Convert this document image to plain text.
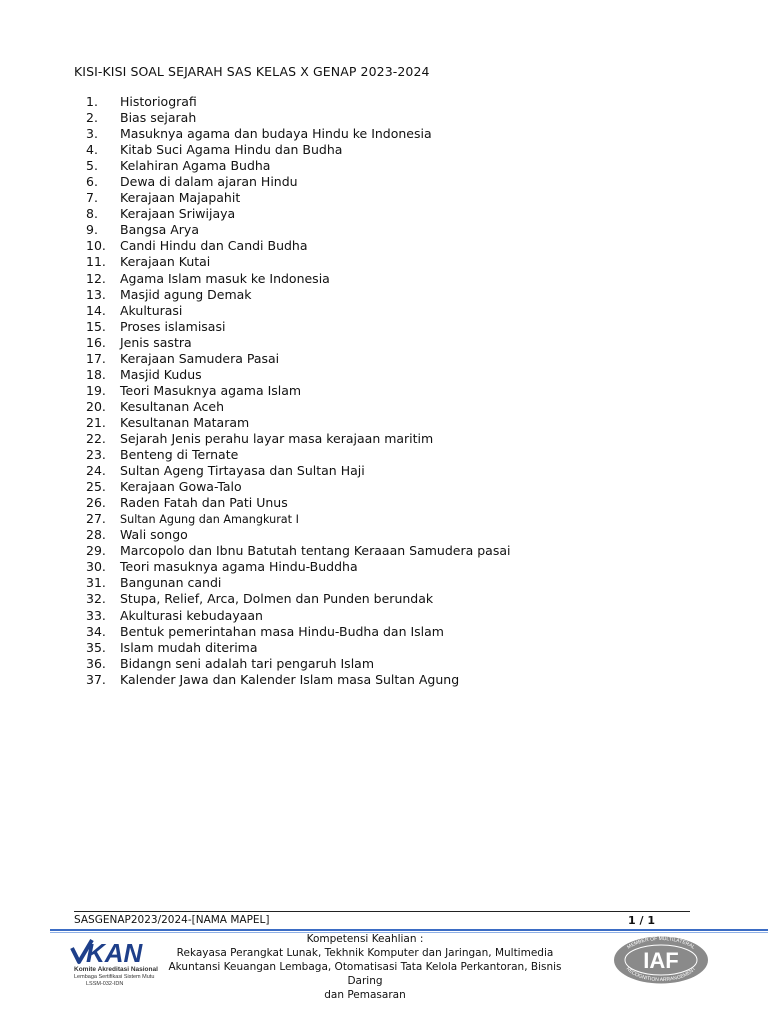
KISI-KISI SOAL SEJARAH SAS KELAS X GENAP 2023-2024
1. Historiografi
2. Bias sejarah
3. Masuknya agama dan budaya Hindu ke Indonesia
4. Kitab Suci Agama Hindu dan Budha
5. Kelahiran Agama Budha
6. Dewa di dalam ajaran Hindu
7. Kerajaan Majapahit
8. Kerajaan Sriwijaya
9. Bangsa Arya
10. Candi Hindu dan Candi Budha
11. Kerajaan Kutai
12. Agama Islam masuk ke Indonesia
13. Masjid agung Demak
14. Akulturasi
15. Proses islamisasi
16. Jenis sastra
17. Kerajaan Samudera Pasai
18. Masjid Kudus
19. Teori Masuknya agama Islam
20. Kesultanan Aceh
21. Kesultanan Mataram
22. Sejarah Jenis perahu layar masa kerajaan maritim
23. Benteng di Ternate
24. Sultan Ageng Tirtayasa dan Sultan Haji
25. Kerajaan Gowa-Talo
26. Raden Fatah dan Pati Unus
27. Sultan Agung dan Amangkurat I
28. Wali songo
29. Marcopolo dan Ibnu Batutah tentang Keraaan Samudera pasai
30. Teori masuknya agama Hindu-Buddha
31. Bangunan candi
32. Stupa, Relief, Arca, Dolmen dan Punden berundak
33. Akulturasi kebudayaan
34. Bentuk pemerintahan masa Hindu-Budha dan Islam
35. Islam mudah diterima
36. Bidangn seni adalah tari pengaruh Islam
37. Kalender Jawa dan Kalender Islam masa Sultan Agung
SASGENAP2023/2024-[NAMA MAPEL]	1 / 1
KAN
Komite Akreditasi Nasional
Lembaga Sertifikasi Sistem Mutu
LSSM-032-IDN
Kompetensi Keahlian :
Rekayasa Perangkat Lunak, Tekhnik Komputer dan Jaringan, Multimedia
Akuntansi Keuangan Lembaga, Otomatisasi Tata Kelola Perkantoran, Bisnis Daring
dan Pemasaran
MEMBER OF MULTILATERAL
RECOGNITION ARRANGEMENT
IAF
